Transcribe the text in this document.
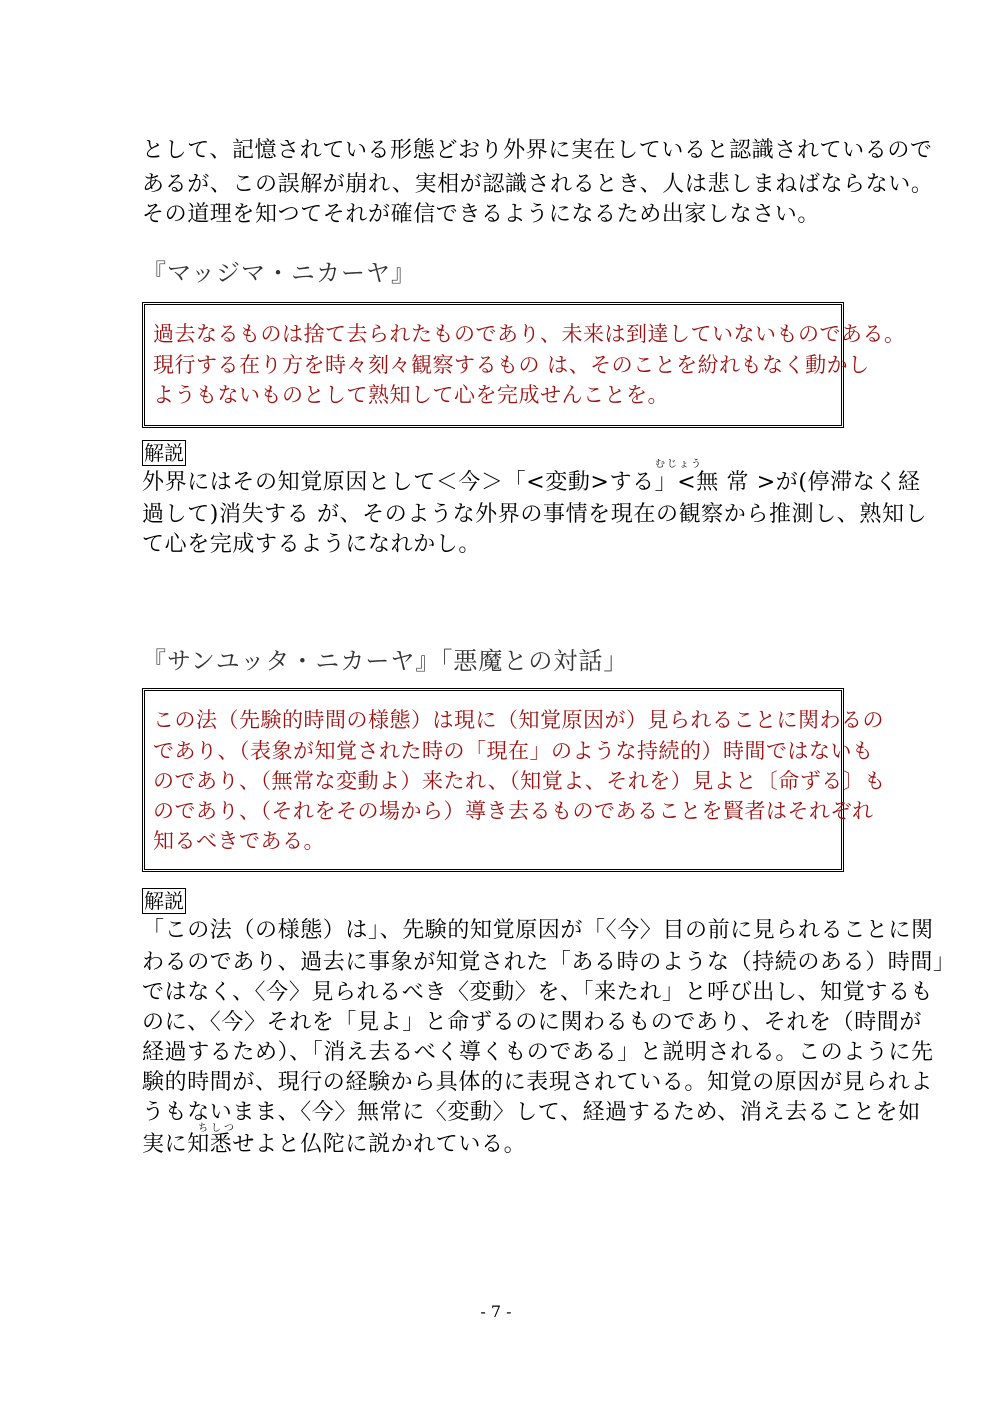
として、記憶されている形態どおり外界に実在していると認識されているので
あるが、この誤解が崩れ、実相が認識されるとき、人は悲しまねばならない。
その道理を知つてそれが確信できるようになるため出家しなさい。
『マッジマ・ニカーヤ』
過去なるものは捨て去られたものであり、未来は到達していないものである。
現行する在り方を時々刻々観察するもの は、そのことを紛れもなく動かし
ようもないものとして熟知して心を完成せんことを。
解説	むじょう
外界にはその知覚原因として＜今＞「<変動>する」<無 常 >が(停滞なく経
過して)消失する が、そのような外界の事情を現在の観察から推測し、熟知し
て心を完成するようになれかし。
『サンユッタ・ニカーヤ』「悪魔との対話」
この法（先験的時間の様態）は現に（知覚原因が）見られることに関わるの
であり、（表象が知覚された時の「現在」のような持続的）時間ではないも
のであり、（無常な変動よ）来たれ、（知覚よ、それを）見よと〔命ずる〕も
のであり、（それをその場から）導き去るものであることを賢者はそれぞれ
知るべきである。
解説
「この法（の様態）は」、先験的知覚原因が「〈今〉目の前に見られることに関
わるのであり、過去に事象が知覚された「ある時のような（持続のある）時間」
ではなく、〈今〉見られるべき〈変動〉を、「来たれ」と呼び出し、知覚するも
のに、〈今〉それを「見よ」と命ずるのに関わるものであり、それを（時間が
経過するため）、「消え去るべく導くものである」と説明される。このように先
験的時間が、現行の経験から具体的に表現されている。知覚の原因が見られよ
うもないまま、〈今〉無常に〈変動〉して、経過するため、消え去ることを如
ちしつ
実に知悉せよと仏陀に説かれている。
- 7 -
